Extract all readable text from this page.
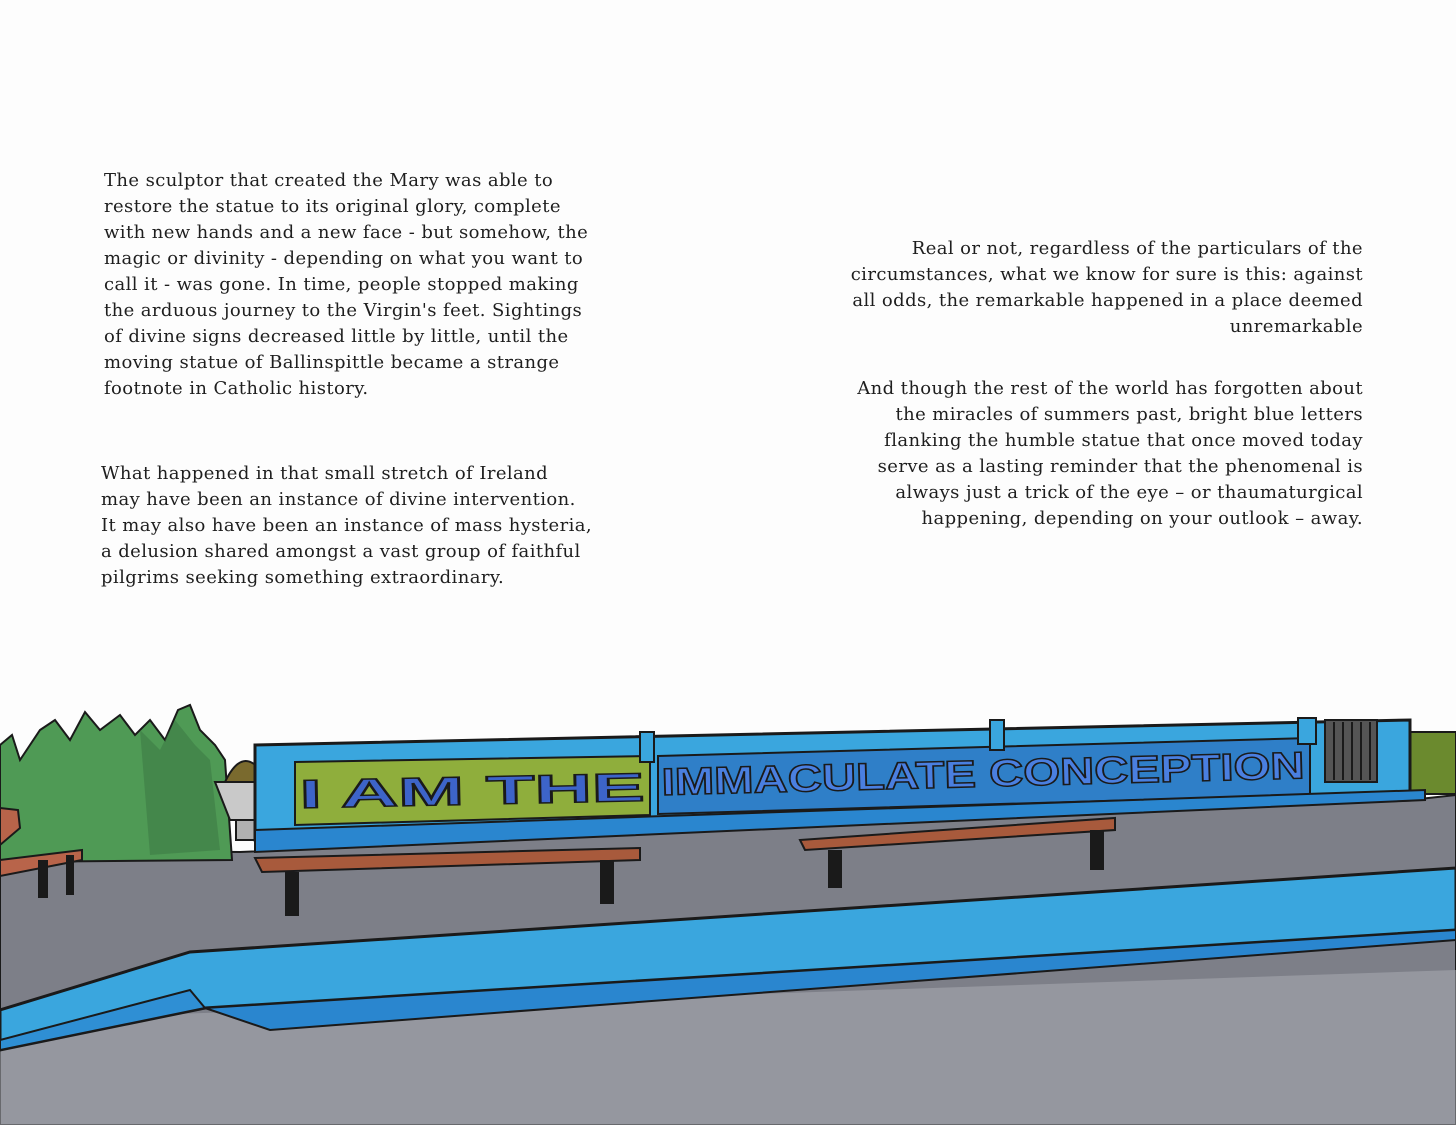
The sculptor that created the Mary was able to
restore the statue to its original glory, complete
with new hands and a new face - but somehow, the
magic or divinity - depending on what you want to
call it - was gone. In time, people stopped making
the arduous journey to the Virgin's feet. Sightings
of divine signs decreased little by little, until the
moving statue of Ballinspittle became a strange
footnote in Catholic history.

What happened in that small stretch of Ireland
may have been an instance of divine intervention.
It may also have been an instance of mass hysteria,
a delusion shared amongst a vast group of faithful
pilgrims seeking something extraordinary.

Real or not, regardless of the particulars of the
circumstances, what we know for sure is this: against
all odds, the remarkable happened in a place deemed
unremarkable

And though the rest of the world has forgotten about
the miracles of summers past, bright blue letters
flanking the humble statue that once moved today
serve as a lasting reminder that the phenomenal is
always just a trick of the eye – or thaumaturgical
happening, depending on your outlook – away.

I AM THE	IMMACULATE CONCEPTION
